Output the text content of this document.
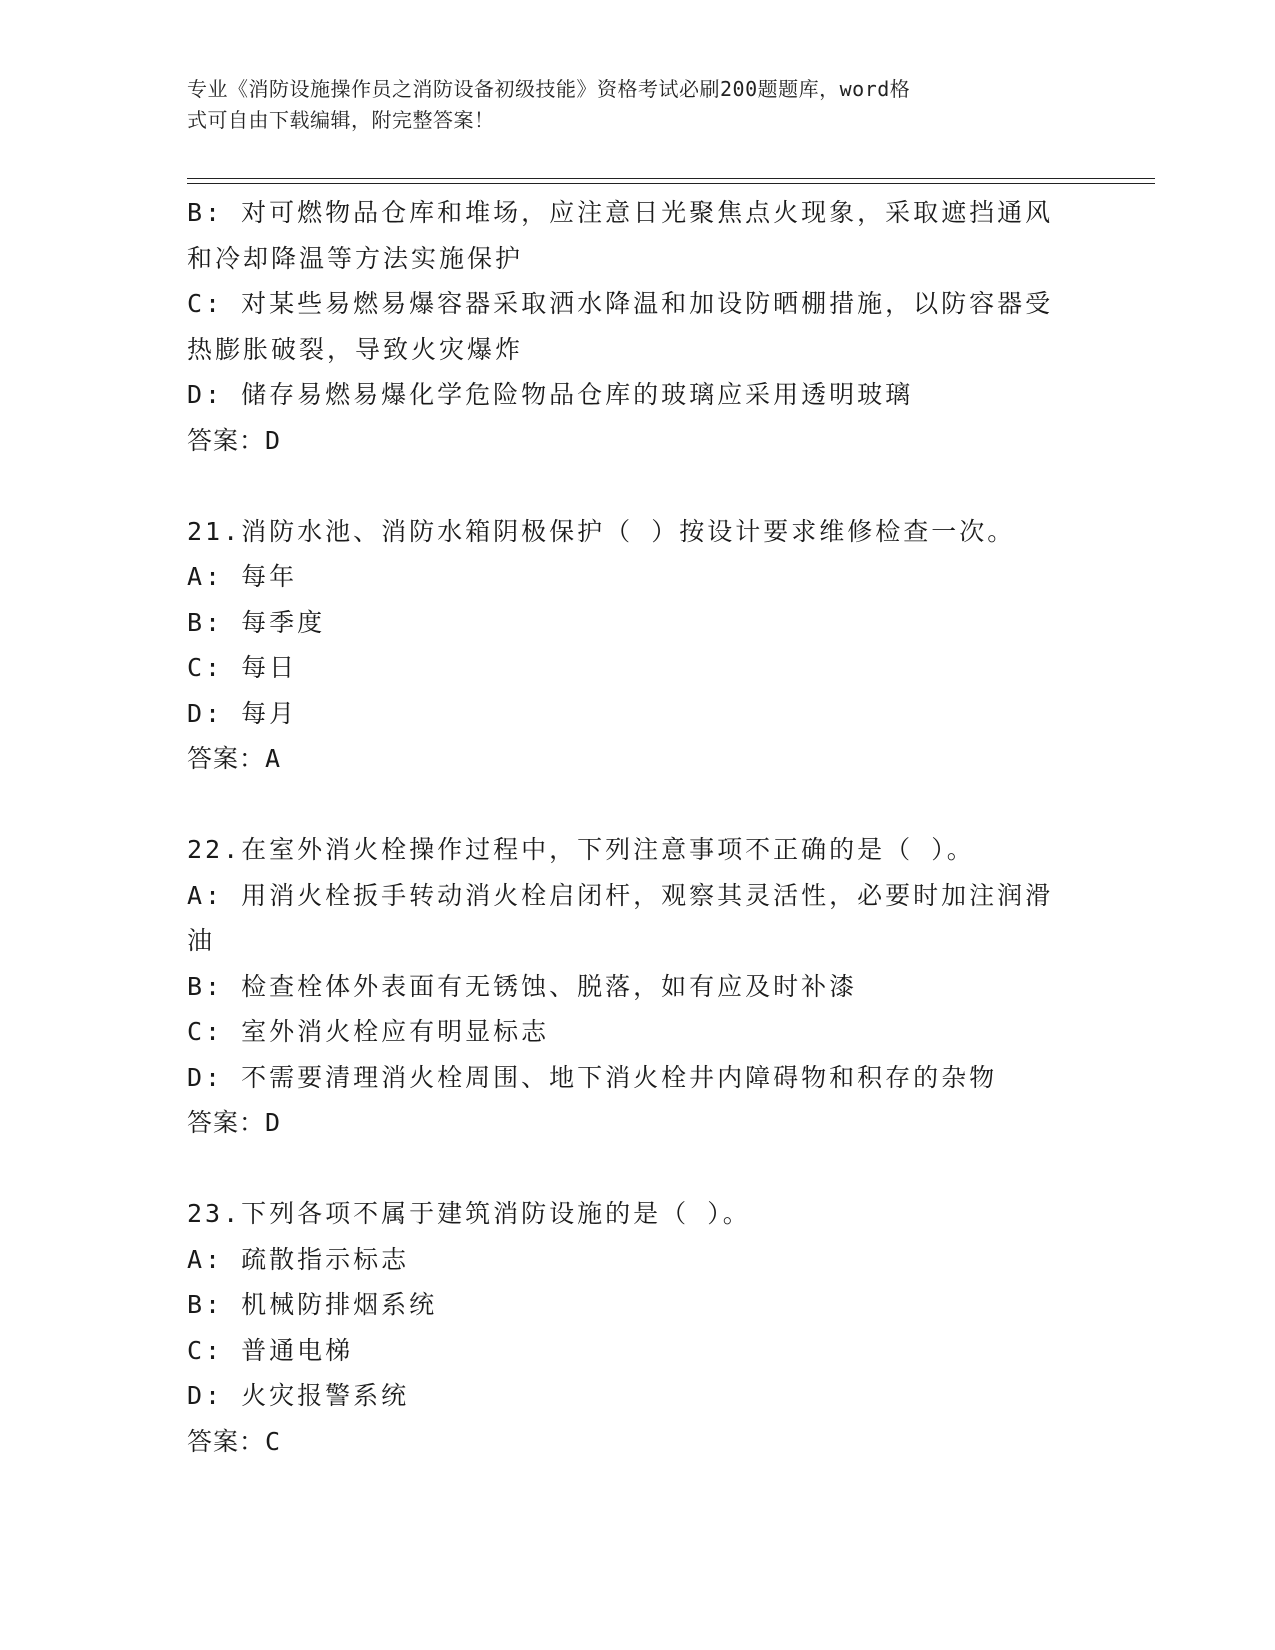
专业《消防设施操作员之消防设备初级技能》资格考试必刷200题题库，word格
式可自由下载编辑，附完整答案！
B: 对可燃物品仓库和堆场，应注意日光聚焦点火现象，采取遮挡通风
和冷却降温等方法实施保护
C: 对某些易燃易爆容器采取洒水降温和加设防晒棚措施，以防容器受
热膨胀破裂，导致火灾爆炸
D: 储存易燃易爆化学危险物品仓库的玻璃应采用透明玻璃
答案：D
21.消防水池、消防水箱阴极保护（ ）按设计要求维修检查一次。
A: 每年
B: 每季度
C: 每日
D: 每月
答案：A
22.在室外消火栓操作过程中，下列注意事项不正确的是（ ）。
A: 用消火栓扳手转动消火栓启闭杆，观察其灵活性，必要时加注润滑
油
B: 检查栓体外表面有无锈蚀、脱落，如有应及时补漆
C: 室外消火栓应有明显标志
D: 不需要清理消火栓周围、地下消火栓井内障碍物和积存的杂物
答案：D
23.下列各项不属于建筑消防设施的是（ ）。
A: 疏散指示标志
B: 机械防排烟系统
C: 普通电梯
D: 火灾报警系统
答案：C
